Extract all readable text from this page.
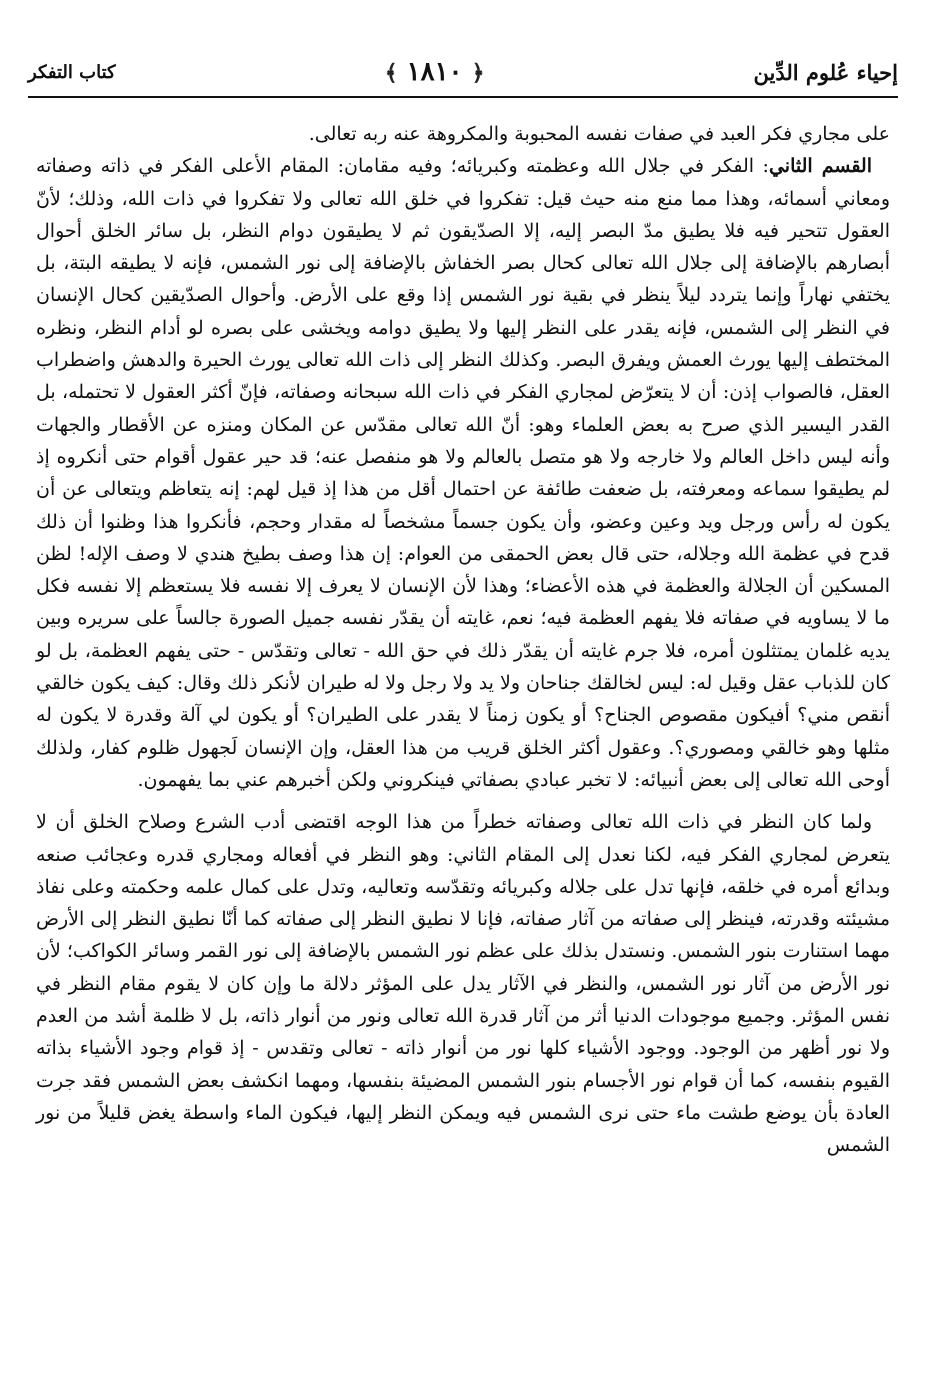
إحياء عُلوم الدِّين
﴿ ١٨١٠ ﴾
كتاب التفكر

على مجاري فكر العبد في صفات نفسه المحبوبة والمكروهة عنه ربه تعالى.

القسم الثاني: الفكر في جلال الله وعظمته وكبريائه؛ وفيه مقامان: المقام الأعلى الفكر في ذاته وصفاته ومعاني أسمائه، وهذا مما منع منه حيث قيل: تفكروا في خلق الله تعالى ولا تفكروا في ذات الله، وذلك؛ لأنّ العقول تتحير فيه فلا يطيق مدّ البصر إليه، إلا الصدّيقون ثم لا يطيقون دوام النظر، بل سائر الخلق أحوال أبصارهم بالإضافة إلى جلال الله تعالى كحال بصر الخفاش بالإضافة إلى نور الشمس، فإنه لا يطيقه البتة، بل يختفي نهاراً وإنما يتردد ليلاً ينظر في بقية نور الشمس إذا وقع على الأرض. وأحوال الصدّيقين كحال الإنسان في النظر إلى الشمس، فإنه يقدر على النظر إليها ولا يطيق دوامه ويخشى على بصره لو أدام النظر، ونظره المختطف إليها يورث العمش ويفرق البصر. وكذلك النظر إلى ذات الله تعالى يورث الحيرة والدهش واضطراب العقل، فالصواب إذن: أن لا يتعرّض لمجاري الفكر في ذات الله سبحانه وصفاته، فإنّ أكثر العقول لا تحتمله، بل القدر اليسير الذي صرح به بعض العلماء وهو: أنّ الله تعالى مقدّس عن المكان ومنزه عن الأقطار والجهات وأنه ليس داخل العالم ولا خارجه ولا هو متصل بالعالم ولا هو منفصل عنه؛ قد حير عقول أقوام حتى أنكروه إذ لم يطيقوا سماعه ومعرفته، بل ضعفت طائفة عن احتمال أقل من هذا إذ قيل لهم: إنه يتعاظم ويتعالى عن أن يكون له رأس ورجل ويد وعين وعضو، وأن يكون جسماً مشخصاً له مقدار وحجم، فأنكروا هذا وظنوا أن ذلك قدح في عظمة الله وجلاله، حتى قال بعض الحمقى من العوام: إن هذا وصف بطيخ هندي لا وصف الإله! لظن المسكين أن الجلالة والعظمة في هذه الأعضاء؛ وهذا لأن الإنسان لا يعرف إلا نفسه فلا يستعظم إلا نفسه فكل ما لا يساويه في صفاته فلا يفهم العظمة فيه؛ نعم، غايته أن يقدّر نفسه جميل الصورة جالساً على سريره وبين يديه غلمان يمتثلون أمره، فلا جرم غايته أن يقدّر ذلك في حق الله - تعالى وتقدّس - حتى يفهم العظمة، بل لو كان للذباب عقل وقيل له: ليس لخالقك جناحان ولا يد ولا رجل ولا له طيران لأنكر ذلك وقال: كيف يكون خالقي أنقص مني؟ أفيكون مقصوص الجناح؟ أو يكون زمناً لا يقدر على الطيران؟ أو يكون لي آلة وقدرة لا يكون له مثلها وهو خالقي ومصوري؟. وعقول أكثر الخلق قريب من هذا العقل، وإن الإنسان لَجهول ظلوم كفار، ولذلك أوحى الله تعالى إلى بعض أنبيائه: لا تخبر عبادي بصفاتي فينكروني ولكن أخبرهم عني بما يفهمون.

ولما كان النظر في ذات الله تعالى وصفاته خطراً من هذا الوجه اقتضى أدب الشرع وصلاح الخلق أن لا يتعرض لمجاري الفكر فيه، لكنا نعدل إلى المقام الثاني: وهو النظر في أفعاله ومجاري قدره وعجائب صنعه وبدائع أمره في خلقه، فإنها تدل على جلاله وكبريائه وتقدّسه وتعاليه، وتدل على كمال علمه وحكمته وعلى نفاذ مشيئته وقدرته، فينظر إلى صفاته من آثار صفاته، فإنا لا نطيق النظر إلى صفاته كما أنّا نطيق النظر إلى الأرض مهما استنارت بنور الشمس. ونستدل بذلك على عظم نور الشمس بالإضافة إلى نور القمر وسائر الكواكب؛ لأن نور الأرض من آثار نور الشمس، والنظر في الآثار يدل على المؤثر دلالة ما وإن كان لا يقوم مقام النظر في نفس المؤثر. وجميع موجودات الدنيا أثر من آثار قدرة الله تعالى ونور من أنوار ذاته، بل لا ظلمة أشد من العدم ولا نور أظهر من الوجود. ووجود الأشياء كلها نور من أنوار ذاته - تعالى وتقدس - إذ قوام وجود الأشياء بذاته القيوم بنفسه، كما أن قوام نور الأجسام بنور الشمس المضيئة بنفسها، ومهما انكشف بعض الشمس فقد جرت العادة بأن يوضع طشت ماء حتى نرى الشمس فيه ويمكن النظر إليها، فيكون الماء واسطة يغض قليلاً من نور الشمس
